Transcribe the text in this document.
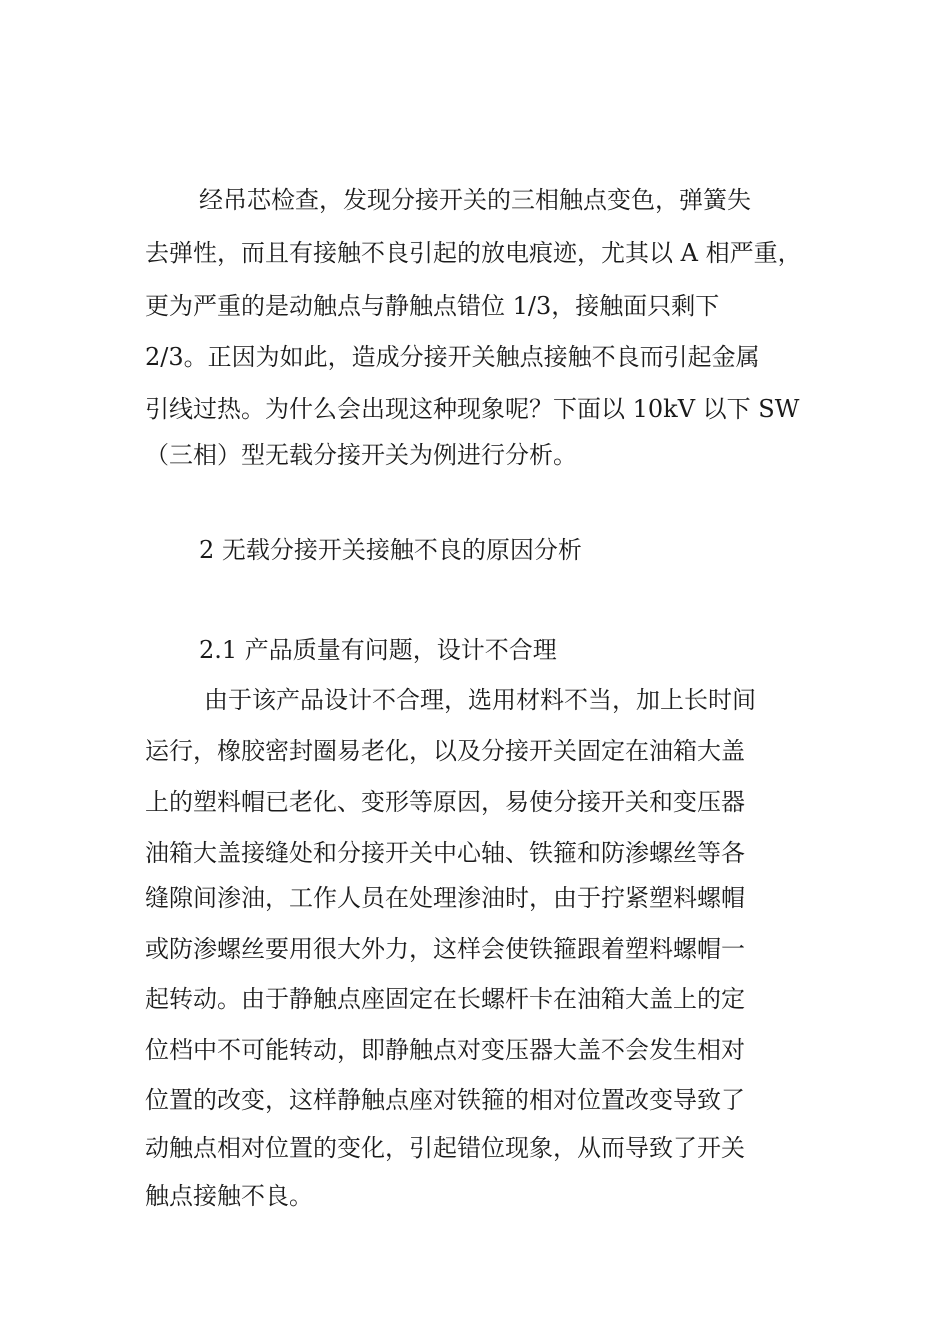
经吊芯检查，发现分接开关的三相触点变色，弹簧失

去弹性，而且有接触不良引起的放电痕迹，尤其以 A 相严重，

更为严重的是动触点与静触点错位 1/3，接触面只剩下

2/3。正因为如此，造成分接开关触点接触不良而引起金属

引线过热。为什么会出现这种现象呢？下面以 10kV 以下 SW

（三相）型无载分接开关为例进行分析。

2 无载分接开关接触不良的原因分析

2.1 产品质量有问题，设计不合理

由于该产品设计不合理，选用材料不当，加上长时间

运行，橡胶密封圈易老化，以及分接开关固定在油箱大盖

上的塑料帽已老化、变形等原因，易使分接开关和变压器

油箱大盖接缝处和分接开关中心轴、铁箍和防渗螺丝等各

缝隙间渗油，工作人员在处理渗油时，由于拧紧塑料螺帽

或防渗螺丝要用很大外力，这样会使铁箍跟着塑料螺帽一

起转动。由于静触点座固定在长螺杆卡在油箱大盖上的定

位档中不可能转动，即静触点对变压器大盖不会发生相对

位置的改变，这样静触点座对铁箍的相对位置改变导致了

动触点相对位置的变化，引起错位现象，从而导致了开关

触点接触不良。
